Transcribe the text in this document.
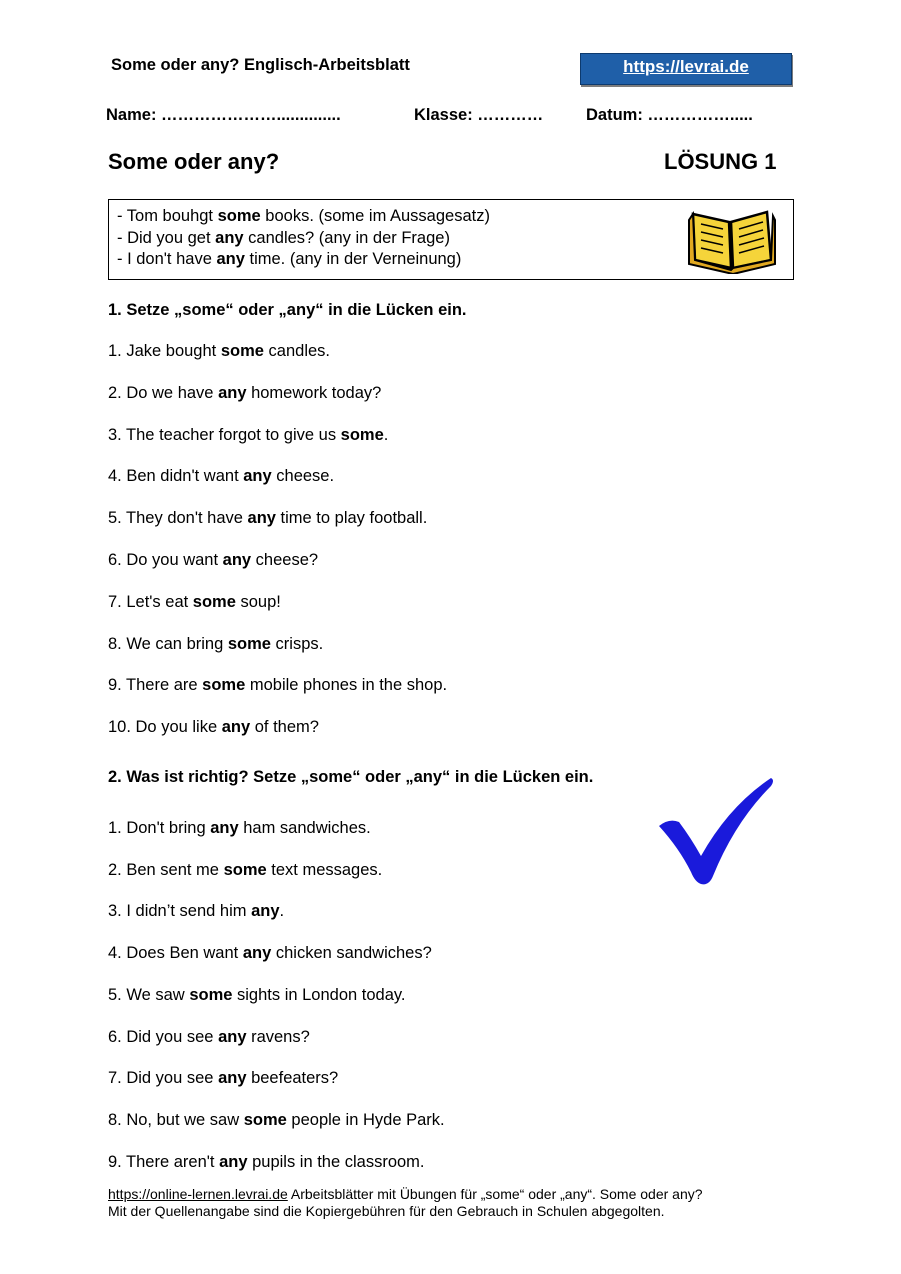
Some oder any? Englisch-Arbeitsblatt	https://levrai.de
Name: …………………..............	Klasse: …………	Datum: …………….....
Some oder any?	LÖSUNG 1
- Tom bouhgt some books. (some im Aussagesatz)
- Did you get any candles? (any in der Frage)
- I don't have any time. (any in der Verneinung)
1. Setze „some“ oder „any“ in die Lücken ein.
1. Jake bought some candles.
2. Do we have any homework today?
3. The teacher forgot to give us some.
4. Ben didn't want any cheese.
5. They don't have any time to play football.
6. Do you want any cheese?
7. Let's eat some soup!
8. We can bring some crisps.
9. There are some mobile phones in the shop.
10. Do you like any of them?
2. Was ist richtig? Setze „some“ oder „any“ in die Lücken ein.
1. Don't bring any ham sandwiches.
2. Ben sent me some text messages.
3. I didn’t send him any.
4. Does Ben want any chicken sandwiches?
5. We saw some sights in London today.
6. Did you see any ravens?
7. Did you see any beefeaters?
8. No, but we saw some people in Hyde Park.
9. There aren't any pupils in the classroom.
https://online-lernen.levrai.de Arbeitsblätter mit Übungen für „some“ oder „any“. Some oder any?
Mit der Quellenangabe sind die Kopiergebühren für den Gebrauch in Schulen abgegolten.
